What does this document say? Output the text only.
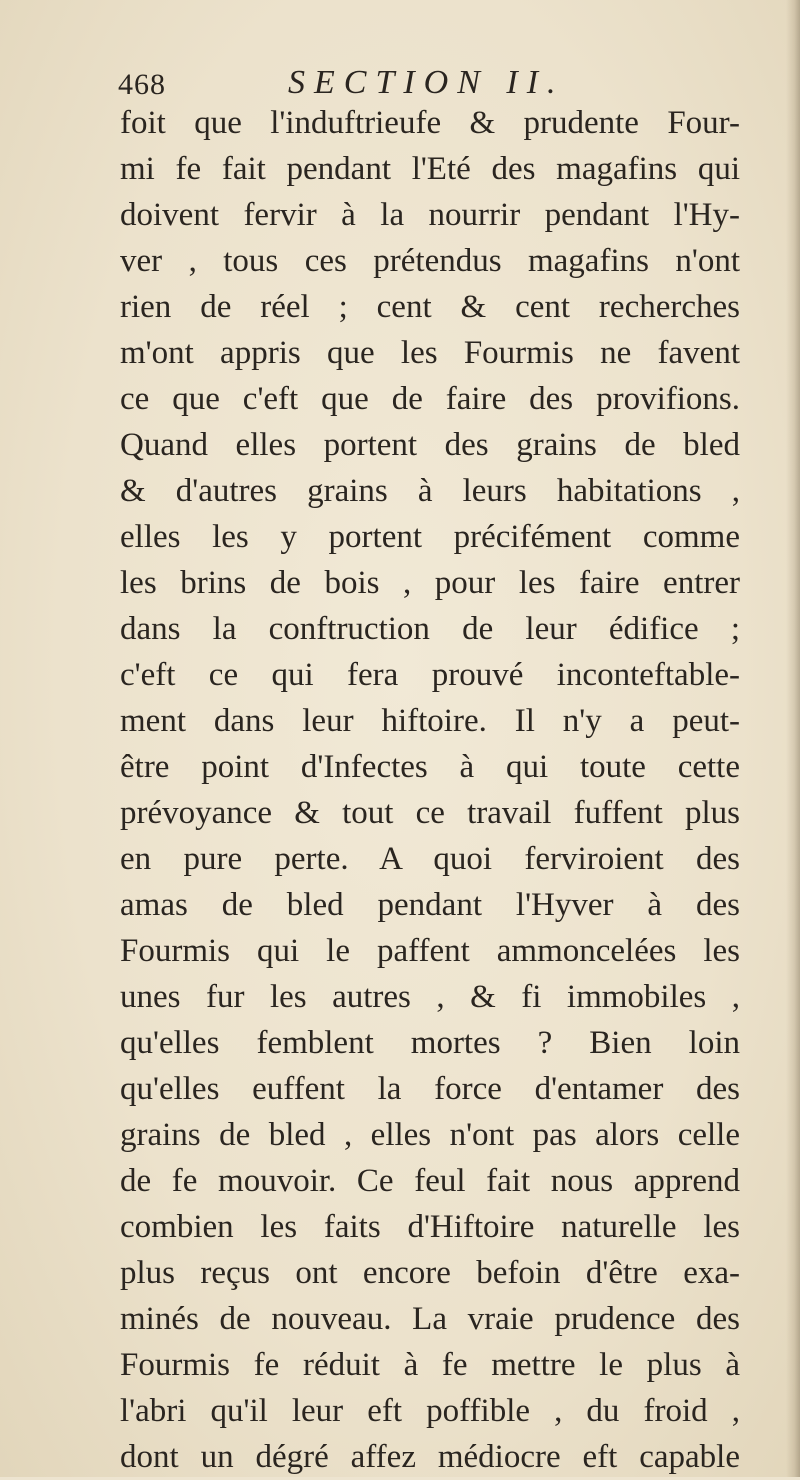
468	SECTION II.
foit que l'induftrieufe & prudente Four-
mi fe fait pendant l'Eté des magafins qui
doivent fervir à la nourrir pendant l'Hy-
ver , tous ces prétendus magafins n'ont
rien de réel ; cent & cent recherches
m'ont appris que les Fourmis ne favent
ce que c'eft que de faire des provifions.
Quand elles portent des grains de bled
& d'autres grains à leurs habitations ,
elles les y portent précifément comme
les brins de bois , pour les faire entrer
dans la conftruction de leur édifice ;
c'eft ce qui fera prouvé inconteftable-
ment dans leur hiftoire. Il n'y a peut-
être point d'Infectes à qui toute cette
prévoyance & tout ce travail fuffent plus
en pure perte. A quoi ferviroient des
amas de bled pendant l'Hyver à des
Fourmis qui le paffent ammoncelées les
unes fur les autres , & fi immobiles ,
qu'elles femblent mortes ? Bien loin
qu'elles euffent la force d'entamer des
grains de bled , elles n'ont pas alors celle
de fe mouvoir. Ce feul fait nous apprend
combien les faits d'Hiftoire naturelle les
plus reçus ont encore befoin d'être exa-
minés de nouveau. La vraie prudence des
Fourmis fe réduit à fe mettre le plus à
l'abri qu'il leur eft poffible , du froid ,
dont un dégré affez médiocre eft capable
